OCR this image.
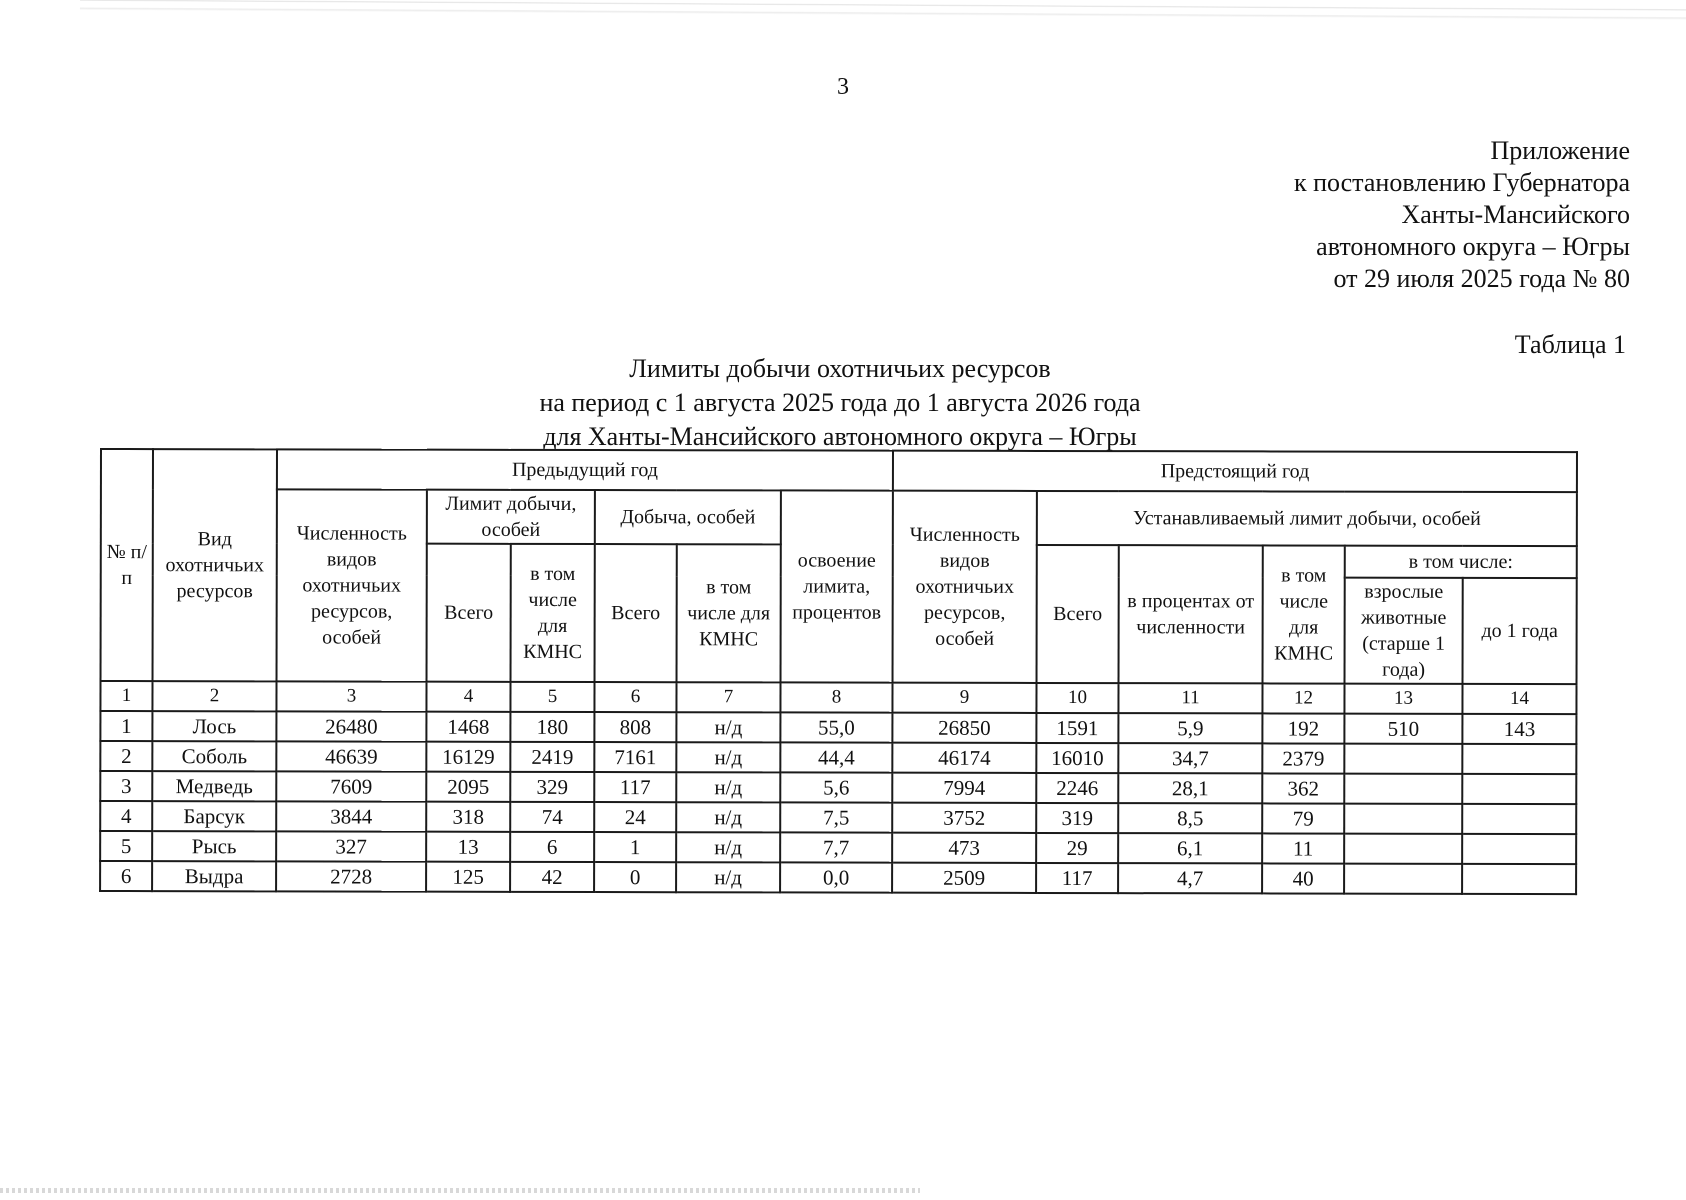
3
Приложение
к постановлению Губернатора
Ханты-Мансийского
автономного округа – Югры
от 29 июля 2025 года № 80
Таблица 1
Лимиты добычи охотничьих ресурсов
на период с 1 августа 2025 года до 1 августа 2026 года
для Ханты-Мансийского автономного округа – Югры
№ п/п	Вид охотничьих ресурсов	Предыдущий год						Предстоящий год					
		Численность видов охотничьих ресурсов, особей	Лимит добычи, особей		Добыча, особей		освоение лимита, процентов	Численность видов охотничьих ресурсов, особей	Устанавливаемый лимит добычи, особей				
			Всего	в том числе для КМНС	Всего	в том числе для КМНС			Всего	в процентах от численности	в том числе для КМНС	в том числе:	
												взрослые животные (старше 1 года)	до 1 года
1	2	3	4	5	6	7	8	9	10	11	12	13	14
1	Лось	26480	1468	180	808	н/д	55,0	26850	1591	5,9	192	510	143
2	Соболь	46639	16129	2419	7161	н/д	44,4	46174	16010	34,7	2379		
3	Медведь	7609	2095	329	117	н/д	5,6	7994	2246	28,1	362		
4	Барсук	3844	318	74	24	н/д	7,5	3752	319	8,5	79		
5	Рысь	327	13	6	1	н/д	7,7	473	29	6,1	11		
6	Выдра	2728	125	42	0	н/д	0,0	2509	117	4,7	40		
